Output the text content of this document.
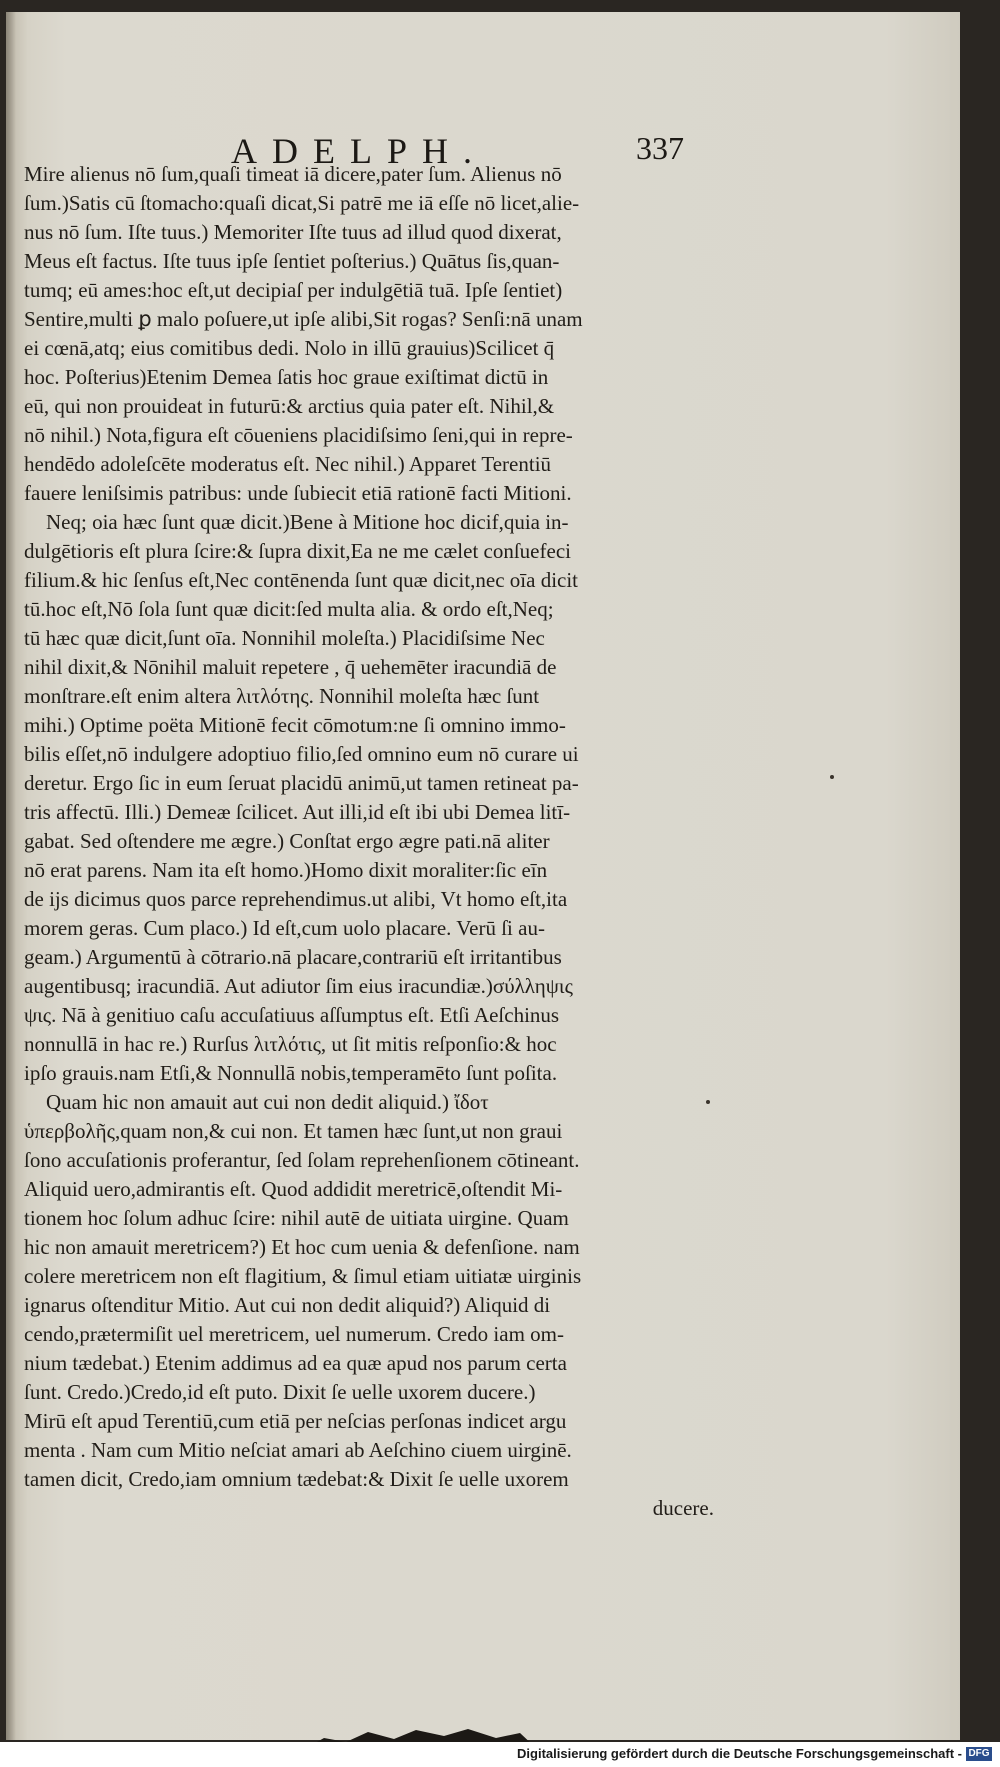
ADELPH.	337
Mire alienus nō ſum,quaſi timeat iā dicere,pater ſum. Alienus nō
ſum.)Satis cū ſtomacho:quaſi dicat,Si patrē me iā eſſe nō licet,alie-
nus nō ſum. Iſte tuus.) Memoriter Iſte tuus ad illud quod dixerat,
Meus eſt factus. Iſte tuus ipſe ſentiet poſterius.) Quātus ſis,quan-
tumq; eū ames:hoc eſt,ut decipiaſ per indulgētiā tuā. Ipſe ſentiet)
Sentire,multi ꝑ malo poſuere,ut ipſe alibi,Sit rogas? Senſi:nā unam
ei cœnā,atq; eius comitibus dedi. Nolo in illū grauius)Scilicet q̄
hoc. Poſterius)Etenim Demea ſatis hoc graue exiſtimat dictū in
eū, qui non prouideat in futurū:& arctius quia pater eſt. Nihil,&
nō nihil.) Nota,figura eſt cōueniens placidiſsimo ſeni,qui in repre-
hendēdo adoleſcēte moderatus eſt. Nec nihil.) Apparet Terentiū
fauere leniſsimis patribus: unde ſubiecit etiā rationē facti Mitioni.
Neq; oia hæc ſunt quæ dicit.)Bene à Mitione hoc dicif,quia in-
dulgētioris eſt plura ſcire:& ſupra dixit,Ea ne me cælet conſuefeci
filium.& hic ſenſus eſt,Nec contēnenda ſunt quæ dicit,nec oīa dicit
tū.hoc eſt,Nō ſola ſunt quæ dicit:ſed multa alia. & ordo eſt,Neq;
tū hæc quæ dicit,ſunt oīa. Nonnihil moleſta.) Placidiſsime Nec
nihil dixit,& Nōnihil maluit repetere , q̄ uehemēter iracundiā de
monſtrare.eſt enim altera λιτλότης. Nonnihil moleſta hæc ſunt
mihi.) Optime poëta Mitionē fecit cōmotum:ne ſi omnino immo-
bilis eſſet,nō indulgere adoptiuo filio,ſed omnino eum nō curare ui
deretur. Ergo ſic in eum ſeruat placidū animū,ut tamen retineat pa-
tris affectū. Illi.) Demeæ ſcilicet. Aut illi,id eſt ibi ubi Demea litī-
gabat. Sed oſtendere me ægre.) Conſtat ergo ægre pati.nā aliter
nō erat parens. Nam ita eſt homo.)Homo dixit moraliter:ſic eīn
de ijs dicimus quos parce reprehendimus.ut alibi, Vt homo eſt,ita
morem geras. Cum placo.) Id eſt,cum uolo placare. Verū ſi au-
geam.) Argumentū à cōtrario.nā placare,contrariū eſt irritantibus
augentibusq; iracundiā. Aut adiutor ſim eius iracundiæ.)σύλληψις
ψις. Nā à genitiuo caſu accuſatiuus aſſumptus eſt. Etſi Aeſchinus
nonnullā in hac re.) Rurſus λιτλότις, ut ſit mitis reſponſio:& hoc
ipſo grauis.nam Etſi,& Nonnullā nobis,temperamēto ſunt poſita.
Quam hic non amauit aut cui non dedit aliquid.) ἴδοτ
ὑπερβολῆς,quam non,& cui non. Et tamen hæc ſunt,ut non graui
ſono accuſationis proferantur, ſed ſolam reprehenſionem cōtineant.
Aliquid uero,admirantis eſt. Quod addidit meretricē,oſtendit Mi-
tionem hoc ſolum adhuc ſcire: nihil autē de uitiata uirgine. Quam
hic non amauit meretricem?) Et hoc cum uenia & defenſione. nam
colere meretricem non eſt flagitium, & ſimul etiam uitiatæ uirginis
ignarus oſtenditur Mitio. Aut cui non dedit aliquid?) Aliquid di
cendo,prætermiſit uel meretricem, uel numerum. Credo iam om-
nium tædebat.) Etenim addimus ad ea quæ apud nos parum certa
ſunt. Credo.)Credo,id eſt puto. Dixit ſe uelle uxorem ducere.)
Mirū eſt apud Terentiū,cum etiā per neſcias perſonas indicet argu
menta . Nam cum Mitio neſciat amari ab Aeſchino ciuem uirginē.
tamen dicit, Credo,iam omnium tædebat:& Dixit ſe uelle uxorem
ducere.
Digitalisierung gefördert durch die Deutsche Forschungsgemeinschaft - DFG
